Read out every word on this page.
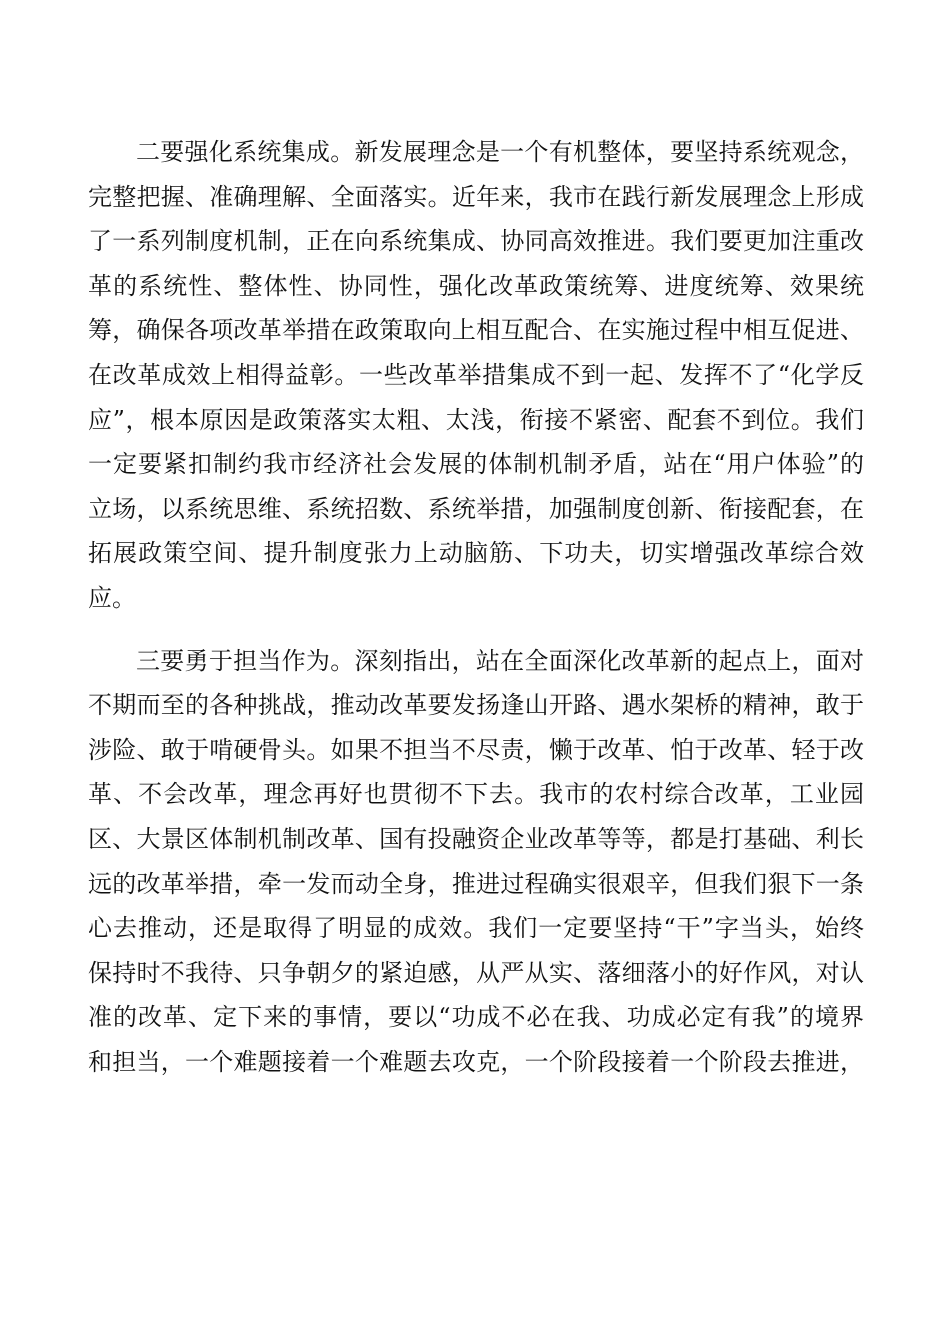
二要强化系统集成。新发展理念是一个有机整体，要坚持系统观念，
完整把握、准确理解、全面落实。近年来，我市在践行新发展理念上形成
了一系列制度机制，正在向系统集成、协同高效推进。我们要更加注重改
革的系统性、整体性、协同性，强化改革政策统筹、进度统筹、效果统
筹，确保各项改革举措在政策取向上相互配合、在实施过程中相互促进、
在改革成效上相得益彰。一些改革举措集成不到一起、发挥不了“化学反
应”，根本原因是政策落实太粗、太浅，衔接不紧密、配套不到位。我们
一定要紧扣制约我市经济社会发展的体制机制矛盾，站在“用户体验”的
立场，以系统思维、系统招数、系统举措，加强制度创新、衔接配套，在
拓展政策空间、提升制度张力上动脑筋、下功夫，切实增强改革综合效
应。
三要勇于担当作为。深刻指出，站在全面深化改革新的起点上，面对
不期而至的各种挑战，推动改革要发扬逢山开路、遇水架桥的精神，敢于
涉险、敢于啃硬骨头。如果不担当不尽责，懒于改革、怕于改革、轻于改
革、不会改革，理念再好也贯彻不下去。我市的农村综合改革，工业园
区、大景区体制机制改革、国有投融资企业改革等等，都是打基础、利长
远的改革举措，牵一发而动全身，推进过程确实很艰辛，但我们狠下一条
心去推动，还是取得了明显的成效。我们一定要坚持“干”字当头，始终
保持时不我待、只争朝夕的紧迫感，从严从实、落细落小的好作风，对认
准的改革、定下来的事情，要以“功成不必在我、功成必定有我”的境界
和担当，一个难题接着一个难题去攻克，一个阶段接着一个阶段去推进，
